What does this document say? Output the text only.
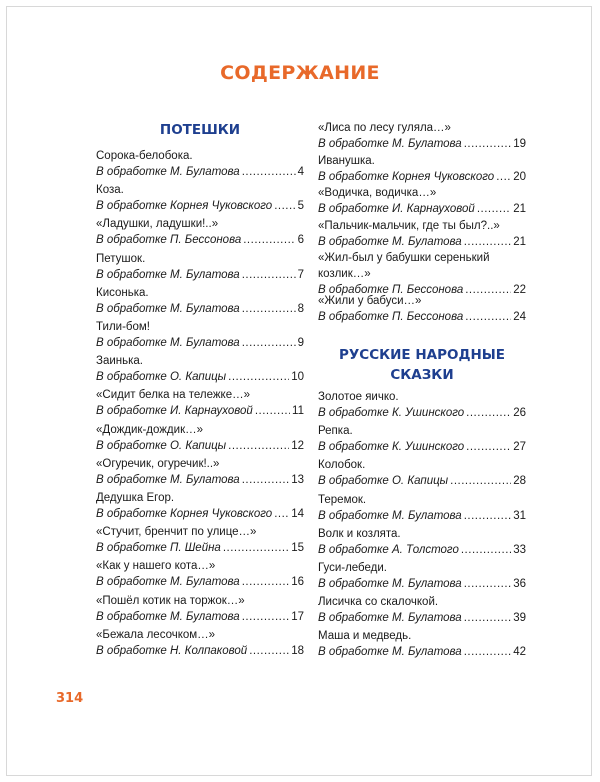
СОДЕРЖАНИЕ
ПОТЕШКИ
Сорока-белобока.
В обработке М. Булатова .....	4
Коза.
В обработке Корнея Чуковского ..... 5
«Ладушки, ладушки!..»
В обработке П. Бессонова .....	6
Петушок.
В обработке М. Булатова .....	7
Кисонька.
В обработке М. Булатова .....	8
Тили-бом!
В обработке М. Булатова .....	9
Заинька.
В обработке О. Капицы .....	10
«Сидит белка на тележке…»
В обработке И. Карнауховой .....	11
«Дождик-дождик…»
В обработке О. Капицы .....	12
«Огуречик, огуречик!..»
В обработке М. Булатова .....	13
Дедушка Егор.
В обработке Корнея Чуковского ..... 14
«Стучит, бренчит по улице…»
В обработке П. Шейна .....	15
«Как у нашего кота…»
В обработке М. Булатова .....	16
«Пошёл котик на торжок…»
В обработке М. Булатова .....	17
«Бежала лесочком…»
В обработке Н. Колпаковой .....	18
РУССКИЕ НАРОДНЫЕ
СКАЗКИ
«Лиса по лесу гуляла…»
В обработке М. Булатова .....	19
Иванушка.
В обработке Корнея Чуковского ..... 20
«Водичка, водичка…»
В обработке И. Карнауховой .....	21
«Пальчик-мальчик, где ты был?..»
В обработке М. Булатова .....	21
«Жил-был у бабушки серенький
козлик…»
В обработке П. Бессонова .....	22
«Жили у бабуси…»
В обработке П. Бессонова .....	24
Золотое яичко.
В обработке К. Ушинского .....	26
Репка.
В обработке К. Ушинского .....	27
Колобок.
В обработке О. Капицы .....	28
Теремок.
В обработке М. Булатова .....	31
Волк и козлята.
В обработке А. Толстого .....	33
Гуси-лебеди.
В обработке М. Булатова .....	36
Лисичка со скалочкой.
В обработке М. Булатова .....	39
Маша и медведь.
В обработке М. Булатова .....	42
314
